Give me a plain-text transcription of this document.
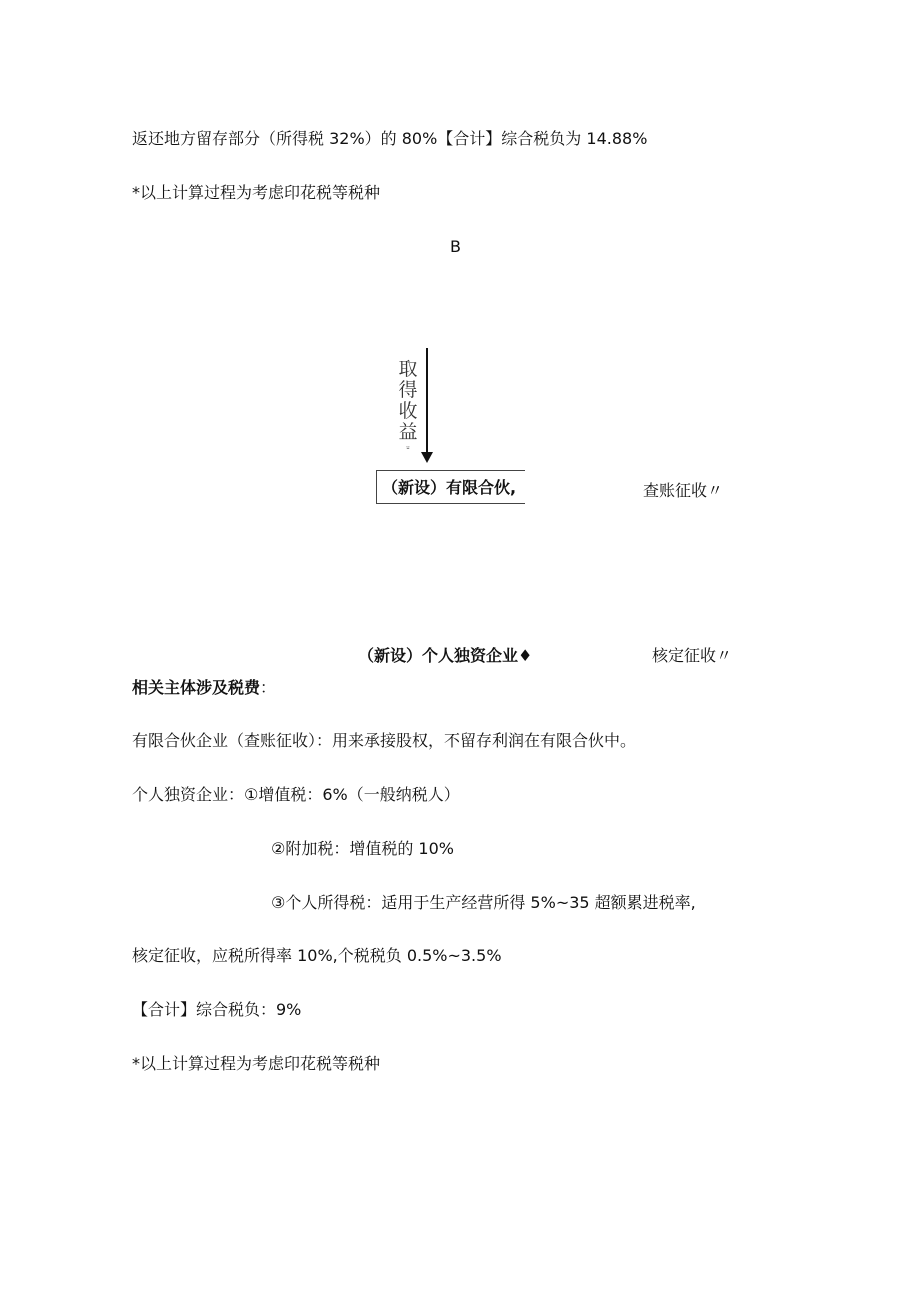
返还地方留存部分（所得税 32%）的 80%【合计】综合税负为 14.88%
*以上计算过程为考虑印花税等税种
B
取
得
收
益
⸚
（新设）有限合伙,	查账征收〃
（新设）个人独资企业♦	核定征收〃
相关主体涉及税费：
有限合伙企业（查账征收）：用来承接股权，不留存利润在有限合伙中。
个人独资企业：①增值税：6%（一般纳税人）
②附加税：增值税的 10%
③个人所得税：适用于生产经营所得 5%~35 超额累进税率,
核定征收，应税所得率 10%,个税税负 0.5%~3.5%
【合计】综合税负：9%
*以上计算过程为考虑印花税等税种
